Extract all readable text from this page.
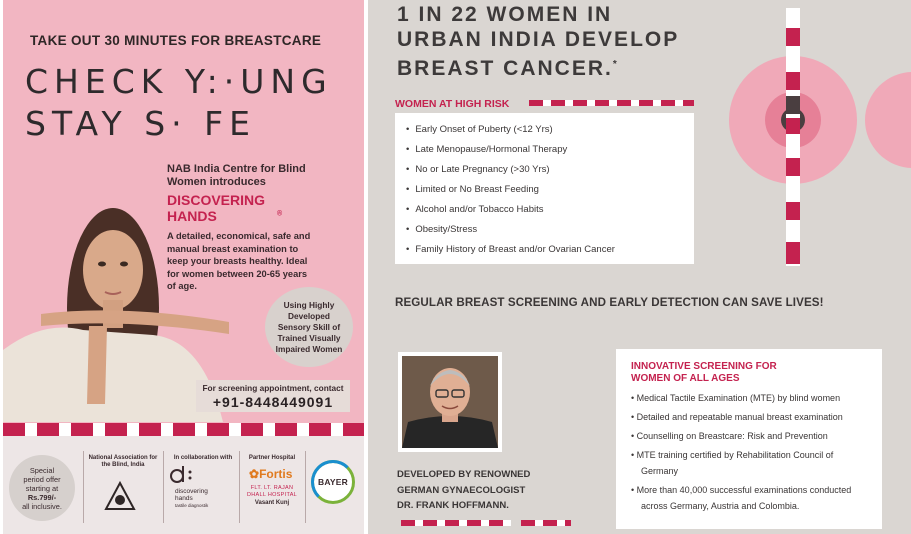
TAKE OUT 30 MINUTES FOR BREASTCARE
CHECK Y:·UNG
STAY S· FE
NAB India Centre for Blind Women introduces
DISCOVERING HANDS	®
A detailed, economical, safe and manual breast examination to keep your breasts healthy. Ideal for women between 20-65 years of age.
Using Highly Developed Sensory Skill of Trained Visually Impaired Women
For screening appointment, contact
+91-8448449091
Special
period offer
starting at
Rs.799/-
all inclusive.
National Association for the Blind, India
In collaboration with
discovering hands
tastile diagnostik
Partner Hospital
✿Fortis
FLT. LT. RAJAN DHALL HOSPITAL
Vasant Kunj
BAYER
1 IN 22 WOMEN IN
URBAN INDIA DEVELOP
BREAST CANCER.*
WOMEN AT HIGH RISK
• Early Onset of Puberty (<12 Yrs)
• Late Menopause/Hormonal Therapy
• No or Late Pregnancy (>30 Yrs)
• Limited or No Breast Feeding
• Alcohol and/or Tobacco Habits
• Obesity/Stress
• Family History of Breast and/or Ovarian Cancer
REGULAR BREAST SCREENING AND EARLY DETECTION CAN SAVE LIVES!
DEVELOPED BY RENOWNED
GERMAN GYNAECOLOGIST
DR. FRANK HOFFMANN.
INNOVATIVE SCREENING FOR
WOMEN OF ALL AGES
• Medical Tactile Examination (MTE) by blind women
• Detailed and repeatable manual breast examination
• Counselling on Breastcare: Risk and Prevention
• MTE training certified by Rehabilitation Council of Germany
• More than 40,000 successful examinations conducted across Germany, Austria and Colombia.
